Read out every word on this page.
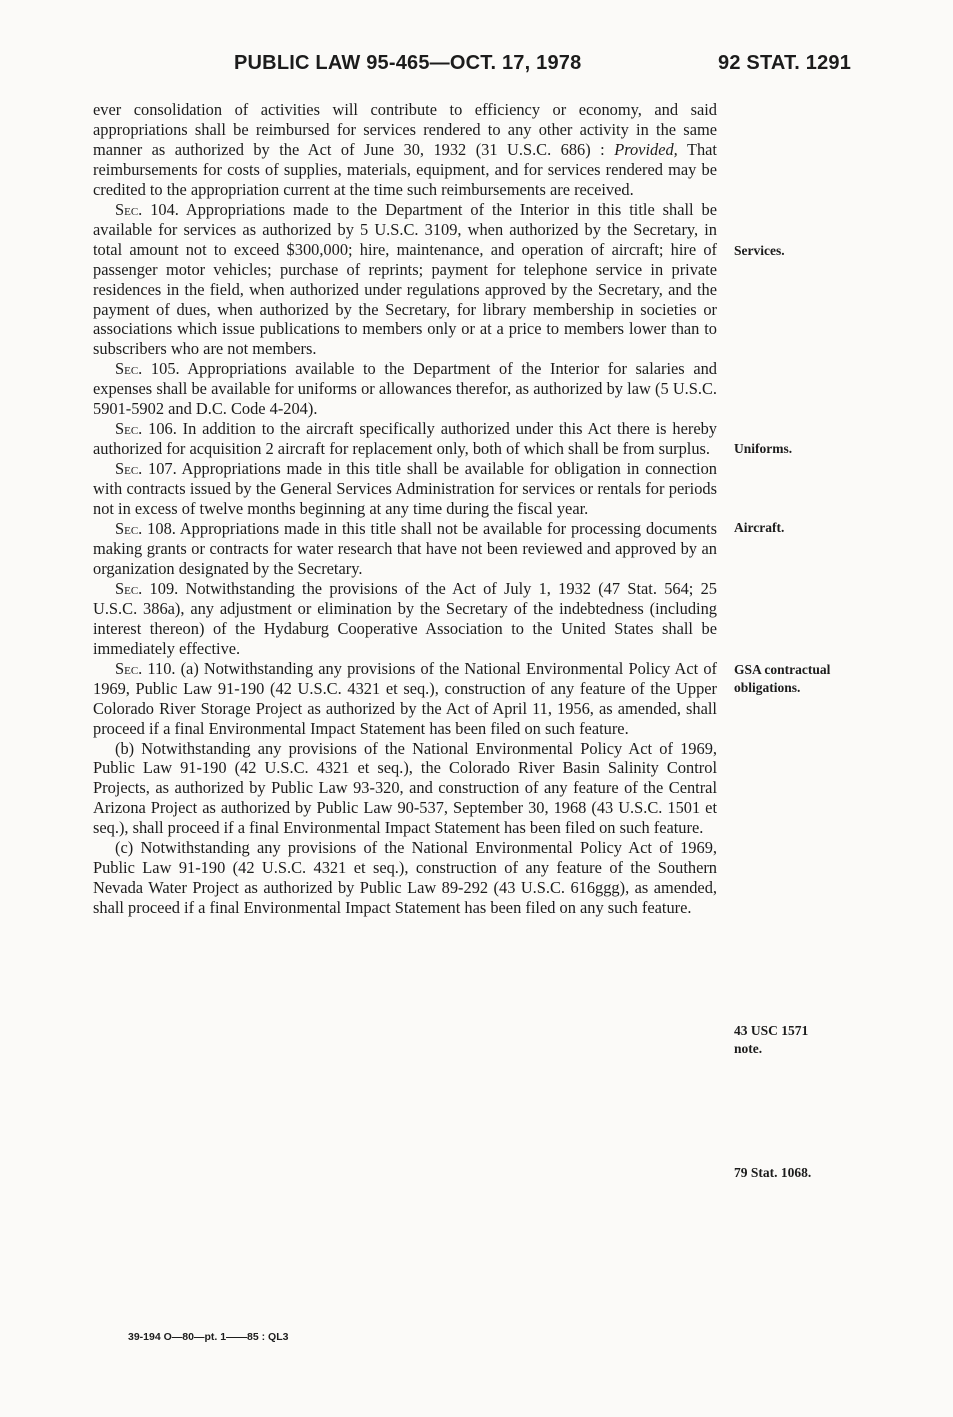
PUBLIC LAW 95-465—OCT. 17, 1978	92 STAT. 1291

ever consolidation of activities will contribute to efficiency or economy, and said appropriations shall be reimbursed for services rendered to any other activity in the same manner as authorized by the Act of June 30, 1932 (31 U.S.C. 686) : Provided, That reimbursements for costs of supplies, materials, equipment, and for services rendered may be credited to the appropriation current at the time such reimbursements are received.

Sec. 104. Appropriations made to the Department of the Interior in this title shall be available for services as authorized by 5 U.S.C. 3109, when authorized by the Secretary, in total amount not to exceed $300,000; hire, maintenance, and operation of aircraft; hire of passenger motor vehicles; purchase of reprints; payment for telephone service in private residences in the field, when authorized under regulations approved by the Secretary, and the payment of dues, when authorized by the Secretary, for library membership in societies or associations which issue publications to members only or at a price to members lower than to subscribers who are not members.

Sec. 105. Appropriations available to the Department of the Interior for salaries and expenses shall be available for uniforms or allowances therefor, as authorized by law (5 U.S.C. 5901-5902 and D.C. Code 4-204).

Sec. 106. In addition to the aircraft specifically authorized under this Act there is hereby authorized for acquisition 2 aircraft for replacement only, both of which shall be from surplus.

Sec. 107. Appropriations made in this title shall be available for obligation in connection with contracts issued by the General Services Administration for services or rentals for periods not in excess of twelve months beginning at any time during the fiscal year.

Sec. 108. Appropriations made in this title shall not be available for processing documents making grants or contracts for water research that have not been reviewed and approved by an organization designated by the Secretary.

Sec. 109. Notwithstanding the provisions of the Act of July 1, 1932 (47 Stat. 564; 25 U.S.C. 386a), any adjustment or elimination by the Secretary of the indebtedness (including interest thereon) of the Hydaburg Cooperative Association to the United States shall be immediately effective.

Sec. 110. (a) Notwithstanding any provisions of the National Environmental Policy Act of 1969, Public Law 91-190 (42 U.S.C. 4321 et seq.), construction of any feature of the Upper Colorado River Storage Project as authorized by the Act of April 11, 1956, as amended, shall proceed if a final Environmental Impact Statement has been filed on such feature.

(b) Notwithstanding any provisions of the National Environmental Policy Act of 1969, Public Law 91-190 (42 U.S.C. 4321 et seq.), the Colorado River Basin Salinity Control Projects, as authorized by Public Law 93-320, and construction of any feature of the Central Arizona Project as authorized by Public Law 90-537, September 30, 1968 (43 U.S.C. 1501 et seq.), shall proceed if a final Environmental Impact Statement has been filed on such feature.

(c) Notwithstanding any provisions of the National Environmental Policy Act of 1969, Public Law 91-190 (42 U.S.C. 4321 et seq.), construction of any feature of the Southern Nevada Water Project as authorized by Public Law 89-292 (43 U.S.C. 616ggg), as amended, shall proceed if a final Environmental Impact Statement has been filed on any such feature.

Services.
Uniforms.
Aircraft.
GSA contractual
obligations.
43 USC 1571
note.
79 Stat. 1068.
39-194 O—80—pt. 1——85 : QL3
